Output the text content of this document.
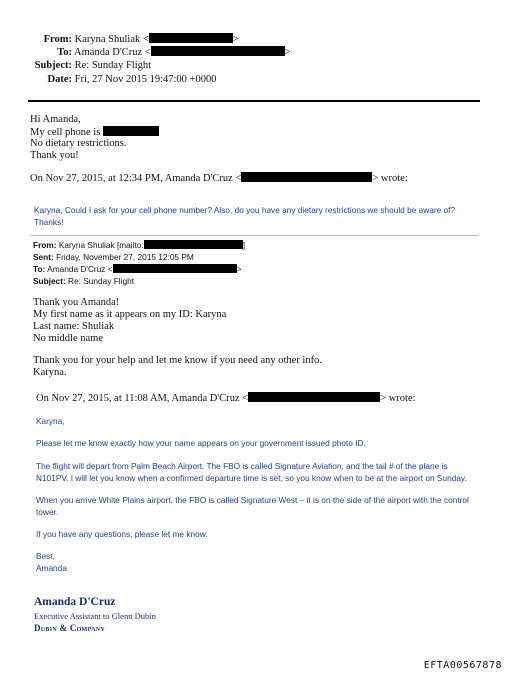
From: Karyna Shuliak <	>
To: Amanda D'Cruz <	>
Subject: Re: Sunday Flight
Date: Fri, 27 Nov 2015 19:47:00 +0000
Hi Amanda,
My cell phone is
No dietary restrictions.
Thank you!
On Nov 27, 2015, at 12:34 PM, Amanda D'Cruz <	> wrote:
Karyna, Could I ask for your cell phone number? Also, do you have any dietary restrictions we should be aware of?
Thanks!
From: Karyna Shuliak [mailto:	]
Sent: Friday, November 27, 2015 12:05 PM
To: Amanda D'Cruz <	>
Subject: Re: Sunday Flight
Thank you Amanda!
My first name as it appears on my ID: Karyna
Last name: Shuliak
No middle name
Thank you for your help and let me know if you need any other info.
Karyna.
On Nov 27, 2015, at 11:08 AM, Amanda D'Cruz <	> wrote:
Karyna,
Please let me know exactly how your name appears on your government issued photo ID.
The flight will depart from Palm Beach Airport. The FBO is called Signature Aviation, and the tail # of the plane is
N101PV. I will let you know when a confirmed departure time is set, so you know when to be at the airport on Sunday.
When you arrive White Plains airport, the FBO is called Signature West – it is on the side of the airport with the control
tower.
If you have any questions, please let me know.
Best,
Amanda
Amanda D'Cruz
Executive Assistant to Glenn Dubin
Dubin & Company
EFTA00567878
